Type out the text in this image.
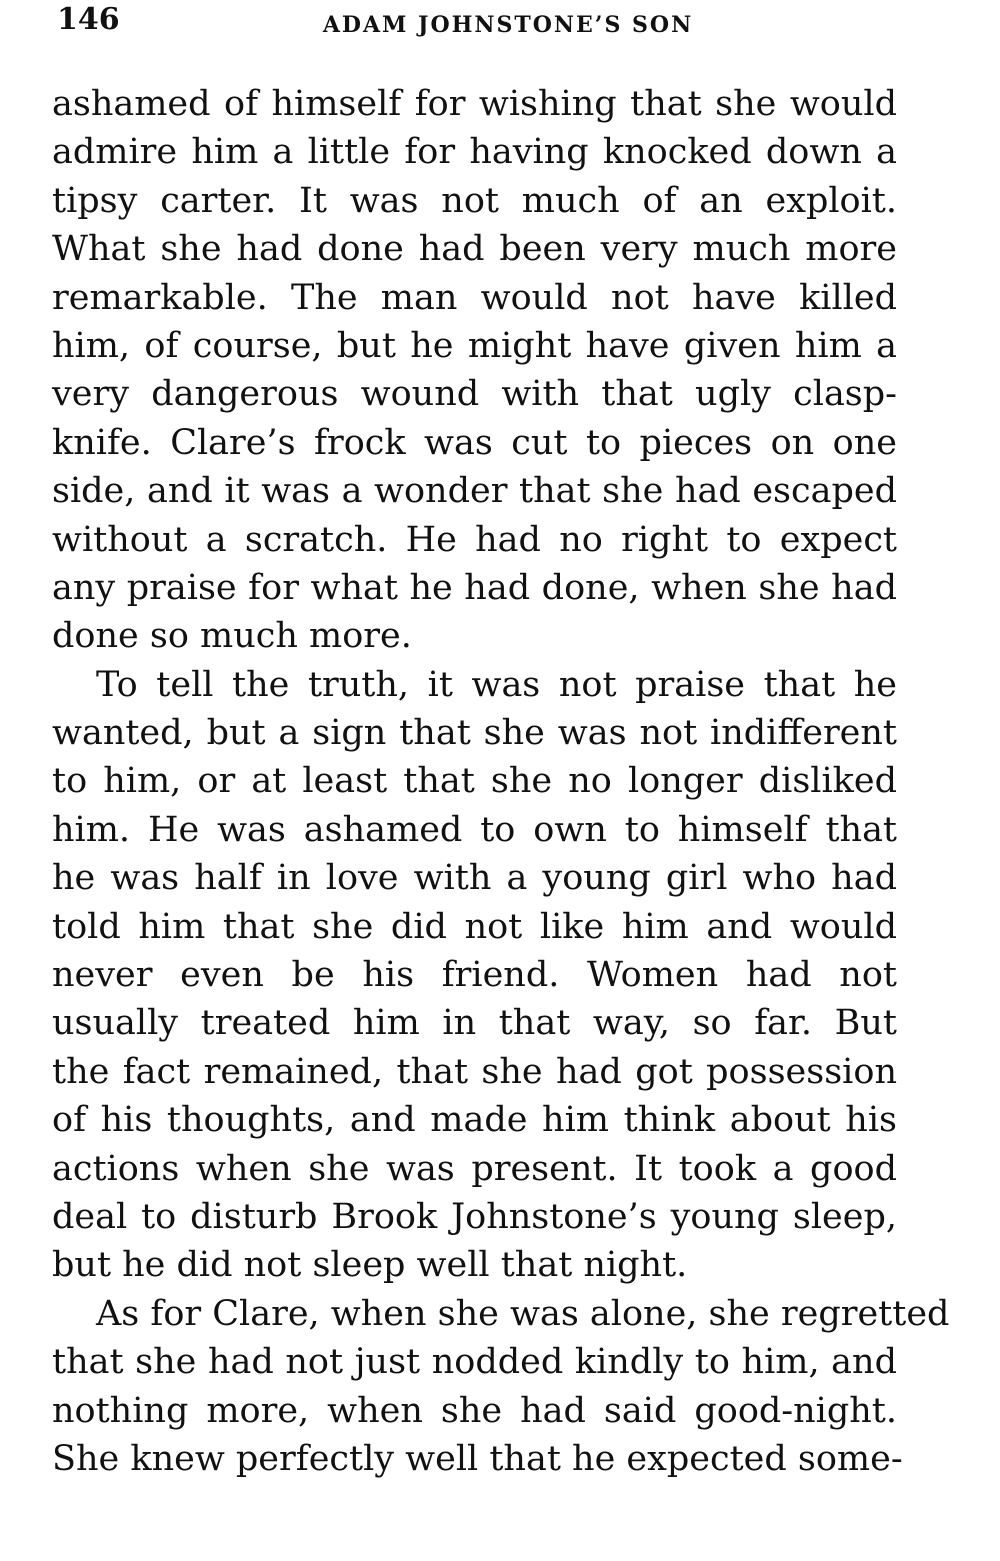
146	ADAM JOHNSTONE’S SON
ashamed of himself for wishing that she would
admire him a little for having knocked down a
tipsy carter. It was not much of an exploit.
What she had done had been very much more
remarkable. The man would not have killed
him, of course, but he might have given him a
very dangerous wound with that ugly clasp-
knife. Clare’s frock was cut to pieces on one
side, and it was a wonder that she had escaped
without a scratch. He had no right to expect
any praise for what he had done, when she had
done so much more.
To tell the truth, it was not praise that he
wanted, but a sign that she was not indifferent
to him, or at least that she no longer disliked
him. He was ashamed to own to himself that
he was half in love with a young girl who had
told him that she did not like him and would
never even be his friend. Women had not
usually treated him in that way, so far. But
the fact remained, that she had got possession
of his thoughts, and made him think about his
actions when she was present. It took a good
deal to disturb Brook Johnstone’s young sleep,
but he did not sleep well that night.
As for Clare, when she was alone, she regretted
that she had not just nodded kindly to him, and
nothing more, when she had said good-night.
She knew perfectly well that he expected some-
